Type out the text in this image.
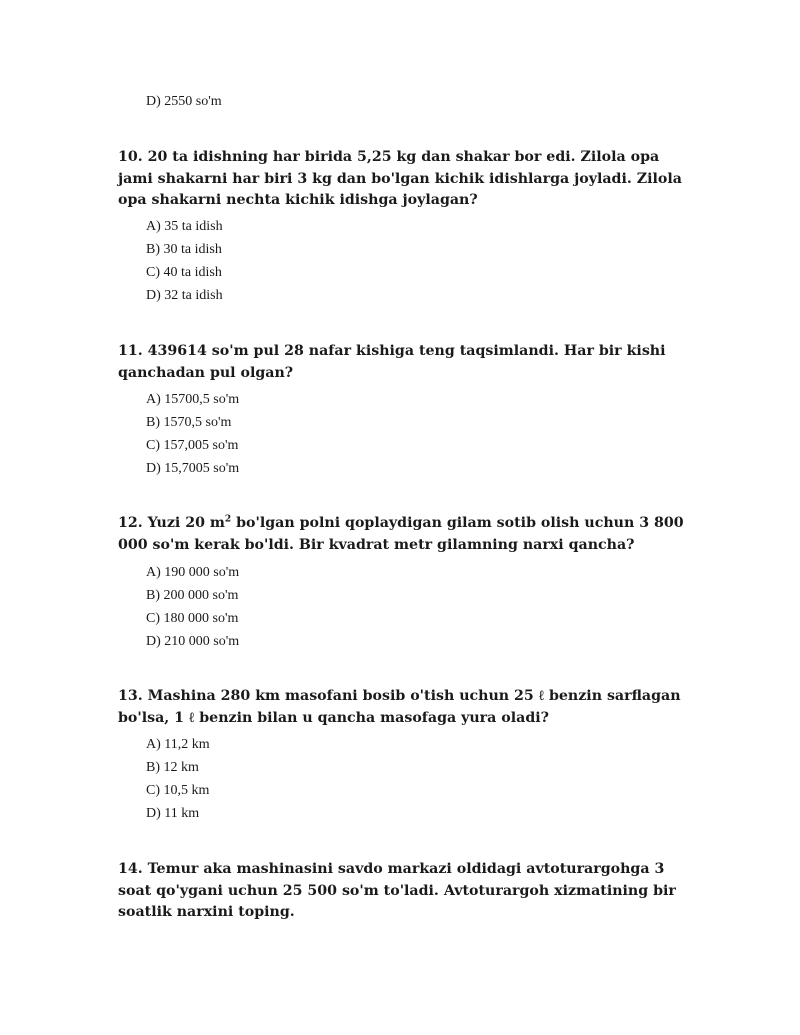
D) 2550 so'm
10. 20 ta idishning har birida 5,25 kg dan shakar bor edi. Zilola opa jami shakarni har biri 3 kg dan bo'lgan kichik idishlarga joyladi. Zilola opa shakarni nechta kichik idishga joylagan?
A) 35 ta idish
B) 30 ta idish
C) 40 ta idish
D) 32 ta idish
11. 439614 so'm pul 28 nafar kishiga teng taqsimlandi. Har bir kishi qanchadan pul olgan?
A) 15700,5 so'm
B) 1570,5 so'm
C) 157,005 so'm
D) 15,7005 so'm
12. Yuzi 20 $m^2$ bo'lgan polni qoplaydigan gilam sotib olish uchun 3 800 000 so'm kerak bo'ldi. Bir kvadrat metr gilamning narxi qancha?
A) 190 000 so'm
B) 200 000 so'm
C) 180 000 so'm
D) 210 000 so'm
13. Mashina 280 km masofani bosib o'tish uchun 25 ℓ benzin sarflagan bo'lsa, 1 ℓ benzin bilan u qancha masofaga yura oladi?
A) 11,2 km
B) 12 km
C) 10,5 km
D) 11 km
14. Temur aka mashinasini savdo markazi oldidagi avtoturargohga 3 soat qo'ygani uchun 25 500 so'm to'ladi. Avtoturargoh xizmatining bir soatlik narxini toping.
